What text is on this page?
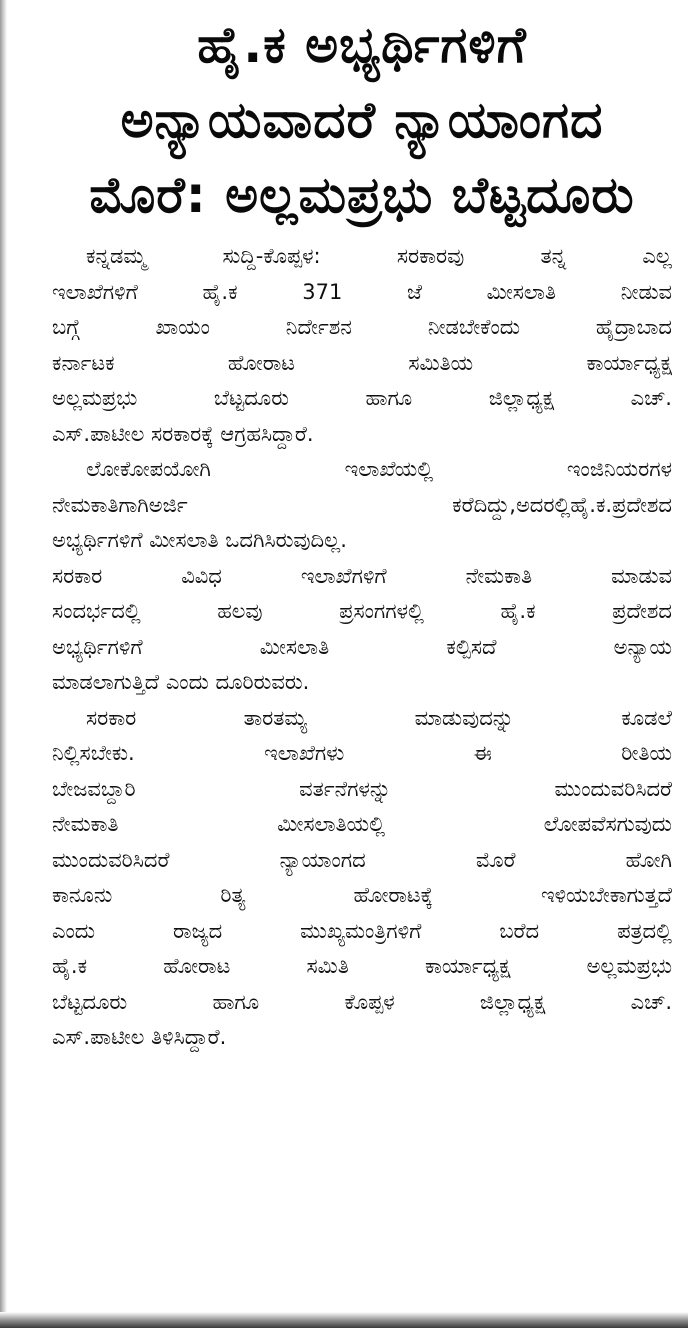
ಹೈ.ಕ ಅಭ್ಯರ್ಥಿಗಳಿಗೆ
ಅನ್ಯಾಯವಾದರೆ ನ್ಯಾಯಾಂಗದ
ಮೊರೆ: ಅಲ್ಲಮಪ್ರಭು ಬೆಟ್ಟದೂರು

ಕನ್ನಡಮ್ಮ ಸುದ್ದಿ-ಕೊಪ್ಪಳ: ಸರಕಾರವು ತನ್ನ ಎಲ್ಲ
ಇಲಾಖೆಗಳಿಗೆ ಹೈ.ಕ 371 ಜೆ ಮೀಸಲಾತಿ ನೀಡುವ
ಬಗ್ಗೆ ಖಾಯಂ ನಿರ್ದೇಶನ ನೀಡಬೇಕೆಂದು ಹೈದ್ರಾಬಾದ
ಕರ್ನಾಟಕ ಹೋರಾಟ ಸಮಿತಿಯ ಕಾರ್ಯಾಧ್ಯಕ್ಷ
ಅಲ್ಲಮಪ್ರಭು ಬೆಟ್ಟದೂರು ಹಾಗೂ ಜಿಲ್ಲಾಧ್ಯಕ್ಷ ಎಚ್.
ಎಸ್.ಪಾಟೀಲ ಸರಕಾರಕ್ಕೆ ಆಗ್ರಹಸಿದ್ದಾರೆ.

ಲೋಕೋಪಯೋಗಿ ಇಲಾಖೆಯಲ್ಲಿ ಇಂಜಿನಿಯರಗಳ
ನೇಮಕಾತಿಗಾಗಿಅರ್ಜಿ ಕರೆದಿದ್ದು,ಅದರಲ್ಲಿಹೈ.ಕ.ಪ್ರದೇಶದ
ಅಭ್ಯರ್ಥಿಗಳಿಗೆ ಮೀಸಲಾತಿ ಒದಗಿಸಿರುವುದಿಲ್ಲ.

ಸರಕಾರ ವಿವಿಧ ಇಲಾಖೆಗಳಿಗೆ ನೇಮಕಾತಿ ಮಾಡುವ
ಸಂದರ್ಭದಲ್ಲಿ ಹಲವು ಪ್ರಸಂಗಗಳಲ್ಲಿ ಹೈ.ಕ ಪ್ರದೇಶದ
ಅಭ್ಯರ್ಥಿಗಳಿಗೆ ಮೀಸಲಾತಿ ಕಲ್ಪಿಸದೆ ಅನ್ಯಾಯ
ಮಾಡಲಾಗುತ್ತಿದೆ ಎಂದು ದೂರಿರುವರು.

ಸರಕಾರ ತಾರತಮ್ಯ ಮಾಡುವುದನ್ನು ಕೂಡಲೆ
ನಿಲ್ಲಿಸಬೇಕು. ಇಲಾಖೆಗಳು ಈ ರೀತಿಯ
ಬೇಜವಬ್ದಾರಿ ವರ್ತನೆಗಳನ್ನು ಮುಂದುವರಿಸಿದರೆ
ನೇಮಕಾತಿ ಮೀಸಲಾತಿಯಲ್ಲಿ ಲೋಪವೆಸಗುವುದು
ಮುಂದುವರಿಸಿದರೆ ನ್ಯಾಯಾಂಗದ ಮೊರೆ ಹೋಗಿ
ಕಾನೂನು ರಿತ್ಯ ಹೋರಾಟಕ್ಕೆ ಇಳಿಯಬೇಕಾಗುತ್ತದೆ
ಎಂದು ರಾಜ್ಯದ ಮುಖ್ಯಮಂತ್ರಿಗಳಿಗೆ ಬರೆದ ಪತ್ರದಲ್ಲಿ
ಹೈ.ಕ ಹೋರಾಟ ಸಮಿತಿ ಕಾರ್ಯಾಧ್ಯಕ್ಷ ಅಲ್ಲಮಪ್ರಭು
ಬೆಟ್ಟದೂರು ಹಾಗೂ ಕೊಪ್ಪಳ ಜಿಲ್ಲಾಧ್ಯಕ್ಷ ಎಚ್.
ಎಸ್.ಪಾಟೀಲ ತಿಳಿಸಿದ್ದಾರೆ.
